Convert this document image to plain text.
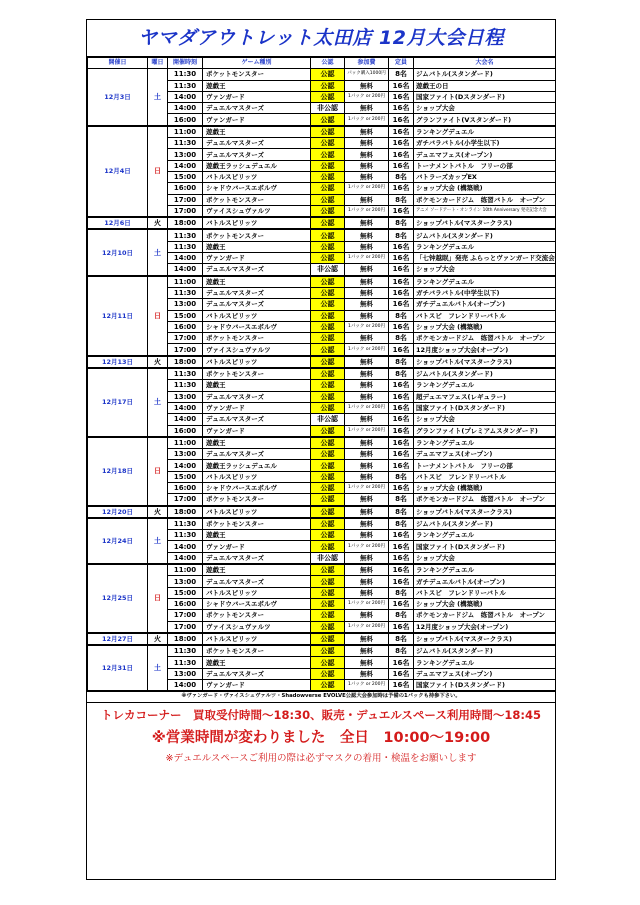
ヤマダアウトレット太田店 12月大会日程
開催日	曜日	開催時刻	ゲーム種別	公認	参加費	定員	大会名
12月3日	土	11:30	ポケットモンスター	公認	パック購入1000円	8名	ジムバトル(スタンダード)
		11:30	遊戯王	公認	無料	16名	遊戯王の日
		14:00	ヴァンガード	公認	1パック or 200円	16名	国家ファイト(Dスタンダード)
		14:00	デュエルマスターズ	非公認	無料	16名	ショップ大会
		16:00	ヴァンガード	公認	1パック or 200円	16名	グランファイト(Vスタンダード)
12月4日	日	11:00	遊戯王	公認	無料	16名	ランキングデュエル
		11:30	デュエルマスターズ	公認	無料	16名	ガチバラバトル(小学生以下)
		13:00	デュエルマスターズ	公認	無料	16名	デュエマフェス(オープン)
		14:00	遊戯王ラッシュデュエル	公認	無料	16名	トーナメントバトル　フリーの部
		15:00	バトルスピリッツ	公認	無料	8名	バトラーズカップEX
		16:00	シャドウバースエボルヴ	公認	1パック or 200円	16名	ショップ大会 (構築戦)
		17:00	ポケットモンスター	公認	無料	8名	ポケモンカードジム　练習バトル　オープン
		17:00	ヴァイスシュヴァルツ	公認	1パック or 200円	16名	アニメ ソードアート・オンライン 10th Anniversary 発売記念大会
12月6日	火	18:00	バトルスピリッツ	公認	無料	8名	ショップバトル(マスタークラス)
12月10日	土	11:30	ポケットモンスター	公認	無料	8名	ジムバトル(スタンダード)
		11:30	遊戯王	公認	無料	16名	ランキングデュエル
		14:00	ヴァンガード	公認	1パック or 200円	16名	「七钟越眠」発売 ふらっとヴァンガード交流会
		14:00	デュエルマスターズ	非公認	無料	16名	ショップ大会
12月11日	日	11:00	遊戯王	公認	無料	16名	ランキングデュエル
		11:30	デュエルマスターズ	公認	無料	16名	ガチバラバトル(中学生以下)
		13:00	デュエルマスターズ	公認	無料	16名	ガチデュエルバトル(オープン)
		15:00	バトルスピリッツ	公認	無料	8名	バトスピ　フレンドリーバトル
		16:00	シャドウバースエボルヴ	公認	1パック or 200円	16名	ショップ大会 (構築戦)
		17:00	ポケットモンスター	公認	無料	8名	ポケモンカードジム　练習バトル　オープン
		17:00	ヴァイスシュヴァルツ	公認	1パック or 200円	16名	12月度ショップ大会(オープン)
12月13日	火	18:00	バトルスピリッツ	公認	無料	8名	ショップバトル(マスタークラス)
12月17日	土	11:30	ポケットモンスター	公認	無料	8名	ジムバトル(スタンダード)
		11:30	遊戯王	公認	無料	16名	ランキングデュエル
		13:00	デュエルマスターズ	公認	無料	16名	超デュエマフェス(レギュラー)
		14:00	ヴァンガード	公認	1パック or 200円	16名	国家ファイト(Dスタンダード)
		14:00	デュエルマスターズ	非公認	無料	16名	ショップ大会
		16:00	ヴァンガード	公認	1パック or 200円	16名	グランファイト(プレミアムスタンダード)
12月18日	日	11:00	遊戯王	公認	無料	16名	ランキングデュエル
		13:00	デュエルマスターズ	公認	無料	16名	デュエマフェス(オープン)
		14:00	遊戯王ラッシュデュエル	公認	無料	16名	トーナメントバトル　フリーの部
		15:00	バトルスピリッツ	公認	無料	8名	バトスピ　フレンドリーバトル
		16:00	シャドウバースエボルヴ	公認	1パック or 200円	16名	ショップ大会 (構築戦)
		17:00	ポケットモンスター	公認	無料	8名	ポケモンカードジム　练習バトル　オープン
12月20日	火	18:00	バトルスピリッツ	公認	無料	8名	ショップバトル(マスタークラス)
12月24日	土	11:30	ポケットモンスター	公認	無料	8名	ジムバトル(スタンダード)
		11:30	遊戯王	公認	無料	16名	ランキングデュエル
		14:00	ヴァンガード	公認	1パック or 200円	16名	国家ファイト(Dスタンダード)
		14:00	デュエルマスターズ	非公認	無料	16名	ショップ大会
12月25日	日	11:00	遊戯王	公認	無料	16名	ランキングデュエル
		13:00	デュエルマスターズ	公認	無料	16名	ガチデュエルバトル(オープン)
		15:00	バトルスピリッツ	公認	無料	8名	バトスピ　フレンドリーバトル
		16:00	シャドウバースエボルヴ	公認	1パック or 200円	16名	ショップ大会 (構築戦)
		17:00	ポケットモンスター	公認	無料	8名	ポケモンカードジム　练習バトル　オープン
		17:00	ヴァイスシュヴァルツ	公認	1パック or 200円	16名	12月度ショップ大会(オープン)
12月27日	火	18:00	バトルスピリッツ	公認	無料	8名	ショップバトル(マスタークラス)
12月31日	土	11:30	ポケットモンスター	公認	無料	8名	ジムバトル(スタンダード)
		11:30	遊戯王	公認	無料	16名	ランキングデュエル
		13:00	デュエルマスターズ	公認	無料	16名	デュエマフェス(オープン)
		14:00	ヴァンガード	公認	1パック or 200円	16名	国家ファイト(Dスタンダード)
※ヴァンガード・ヴァイスシュヴァルツ・Shadowverse EVOLVE公認大会参加時は予備の1パックも持参下さい。
トレカコーナー　買取受付時間～18:30、販売・デュエルスペース利用時間～18:45
※営業時間が変わりました　全日　10:00～19:00
※デュエルスペースご利用の際は必ずマスクの着用・検温をお願いします
